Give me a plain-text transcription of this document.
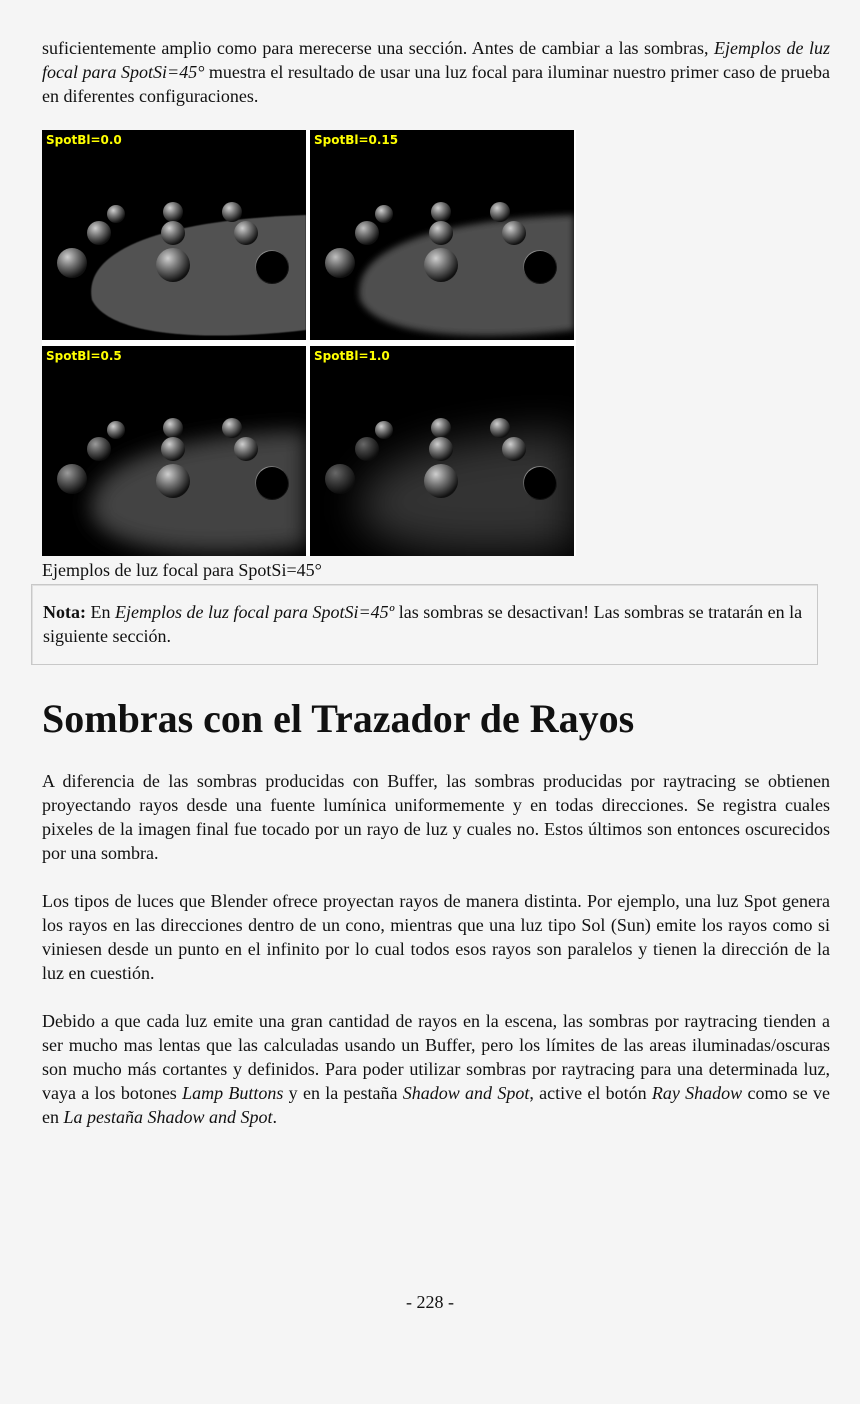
suficientemente amplio como para merecerse una sección. Antes de cambiar a las sombras, Ejemplos de luz focal para SpotSi=45° muestra el resultado de usar una luz focal para iluminar nuestro primer caso de prueba en diferentes configuraciones.

SpotBl=0.0	SpotBl=0.15
SpotBl=0.5	SpotBl=1.0
Ejemplos de luz focal para SpotSi=45°

Nota: En Ejemplos de luz focal para SpotSi=45º las sombras se desactivan! Las sombras se tratarán en la siguiente sección.

Sombras con el Trazador de Rayos

A diferencia de las sombras producidas con Buffer, las sombras producidas por raytracing se obtienen proyectando rayos desde una fuente lumínica uniformemente y en todas direcciones. Se registra cuales pixeles de la imagen final fue tocado por un rayo de luz y cuales no. Estos últimos son entonces oscurecidos por una sombra.

Los tipos de luces que Blender ofrece proyectan rayos de manera distinta. Por ejemplo, una luz Spot genera los rayos en las direcciones dentro de un cono, mientras que una luz tipo Sol (Sun) emite los rayos como si viniesen desde un punto en el infinito por lo cual todos esos rayos son paralelos y tienen la dirección de la luz en cuestión.

Debido a que cada luz emite una gran cantidad de rayos en la escena, las sombras por raytracing tienden a ser mucho mas lentas que las calculadas usando un Buffer, pero los límites de las areas iluminadas/oscuras son mucho más cortantes y definidos. Para poder utilizar sombras por raytracing para una determinada luz, vaya a los botones Lamp Buttons y en la pestaña Shadow and Spot, active el botón Ray Shadow como se ve en La pestaña Shadow and Spot.

- 228 -
